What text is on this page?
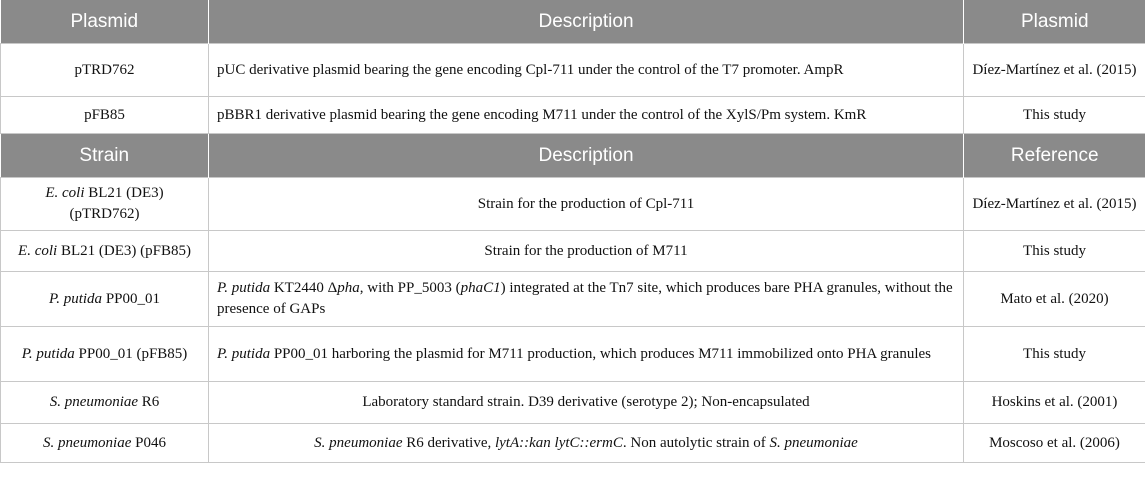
Plasmid	Description	Plasmid
pTRD762	pUC derivative plasmid bearing the gene encoding Cpl-711 under the control of the T7 promoter. AmpR	Díez-Martínez et al. (2015)
pFB85	pBBR1 derivative plasmid bearing the gene encoding M711 under the control of the XylS/Pm system. KmR	This study
Strain	Description	Reference
E. coli BL21 (DE3) (pTRD762)	Strain for the production of Cpl-711	Díez-Martínez et al. (2015)
E. coli BL21 (DE3) (pFB85)	Strain for the production of M711	This study
P. putida PP00_01	P. putida KT2440 Δpha, with PP_5003 (phaC1) integrated at the Tn7 site, which produces bare PHA granules, without the presence of GAPs	Mato et al. (2020)
P. putida PP00_01 (pFB85)	P. putida PP00_01 harboring the plasmid for M711 production, which produces M711 immobilized onto PHA granules	This study
S. pneumoniae R6	Laboratory standard strain. D39 derivative (serotype 2); Non-encapsulated	Hoskins et al. (2001)
S. pneumoniae P046	S. pneumoniae R6 derivative, lytA::kan lytC::ermC. Non autolytic strain of S. pneumoniae	Moscoso et al. (2006)
